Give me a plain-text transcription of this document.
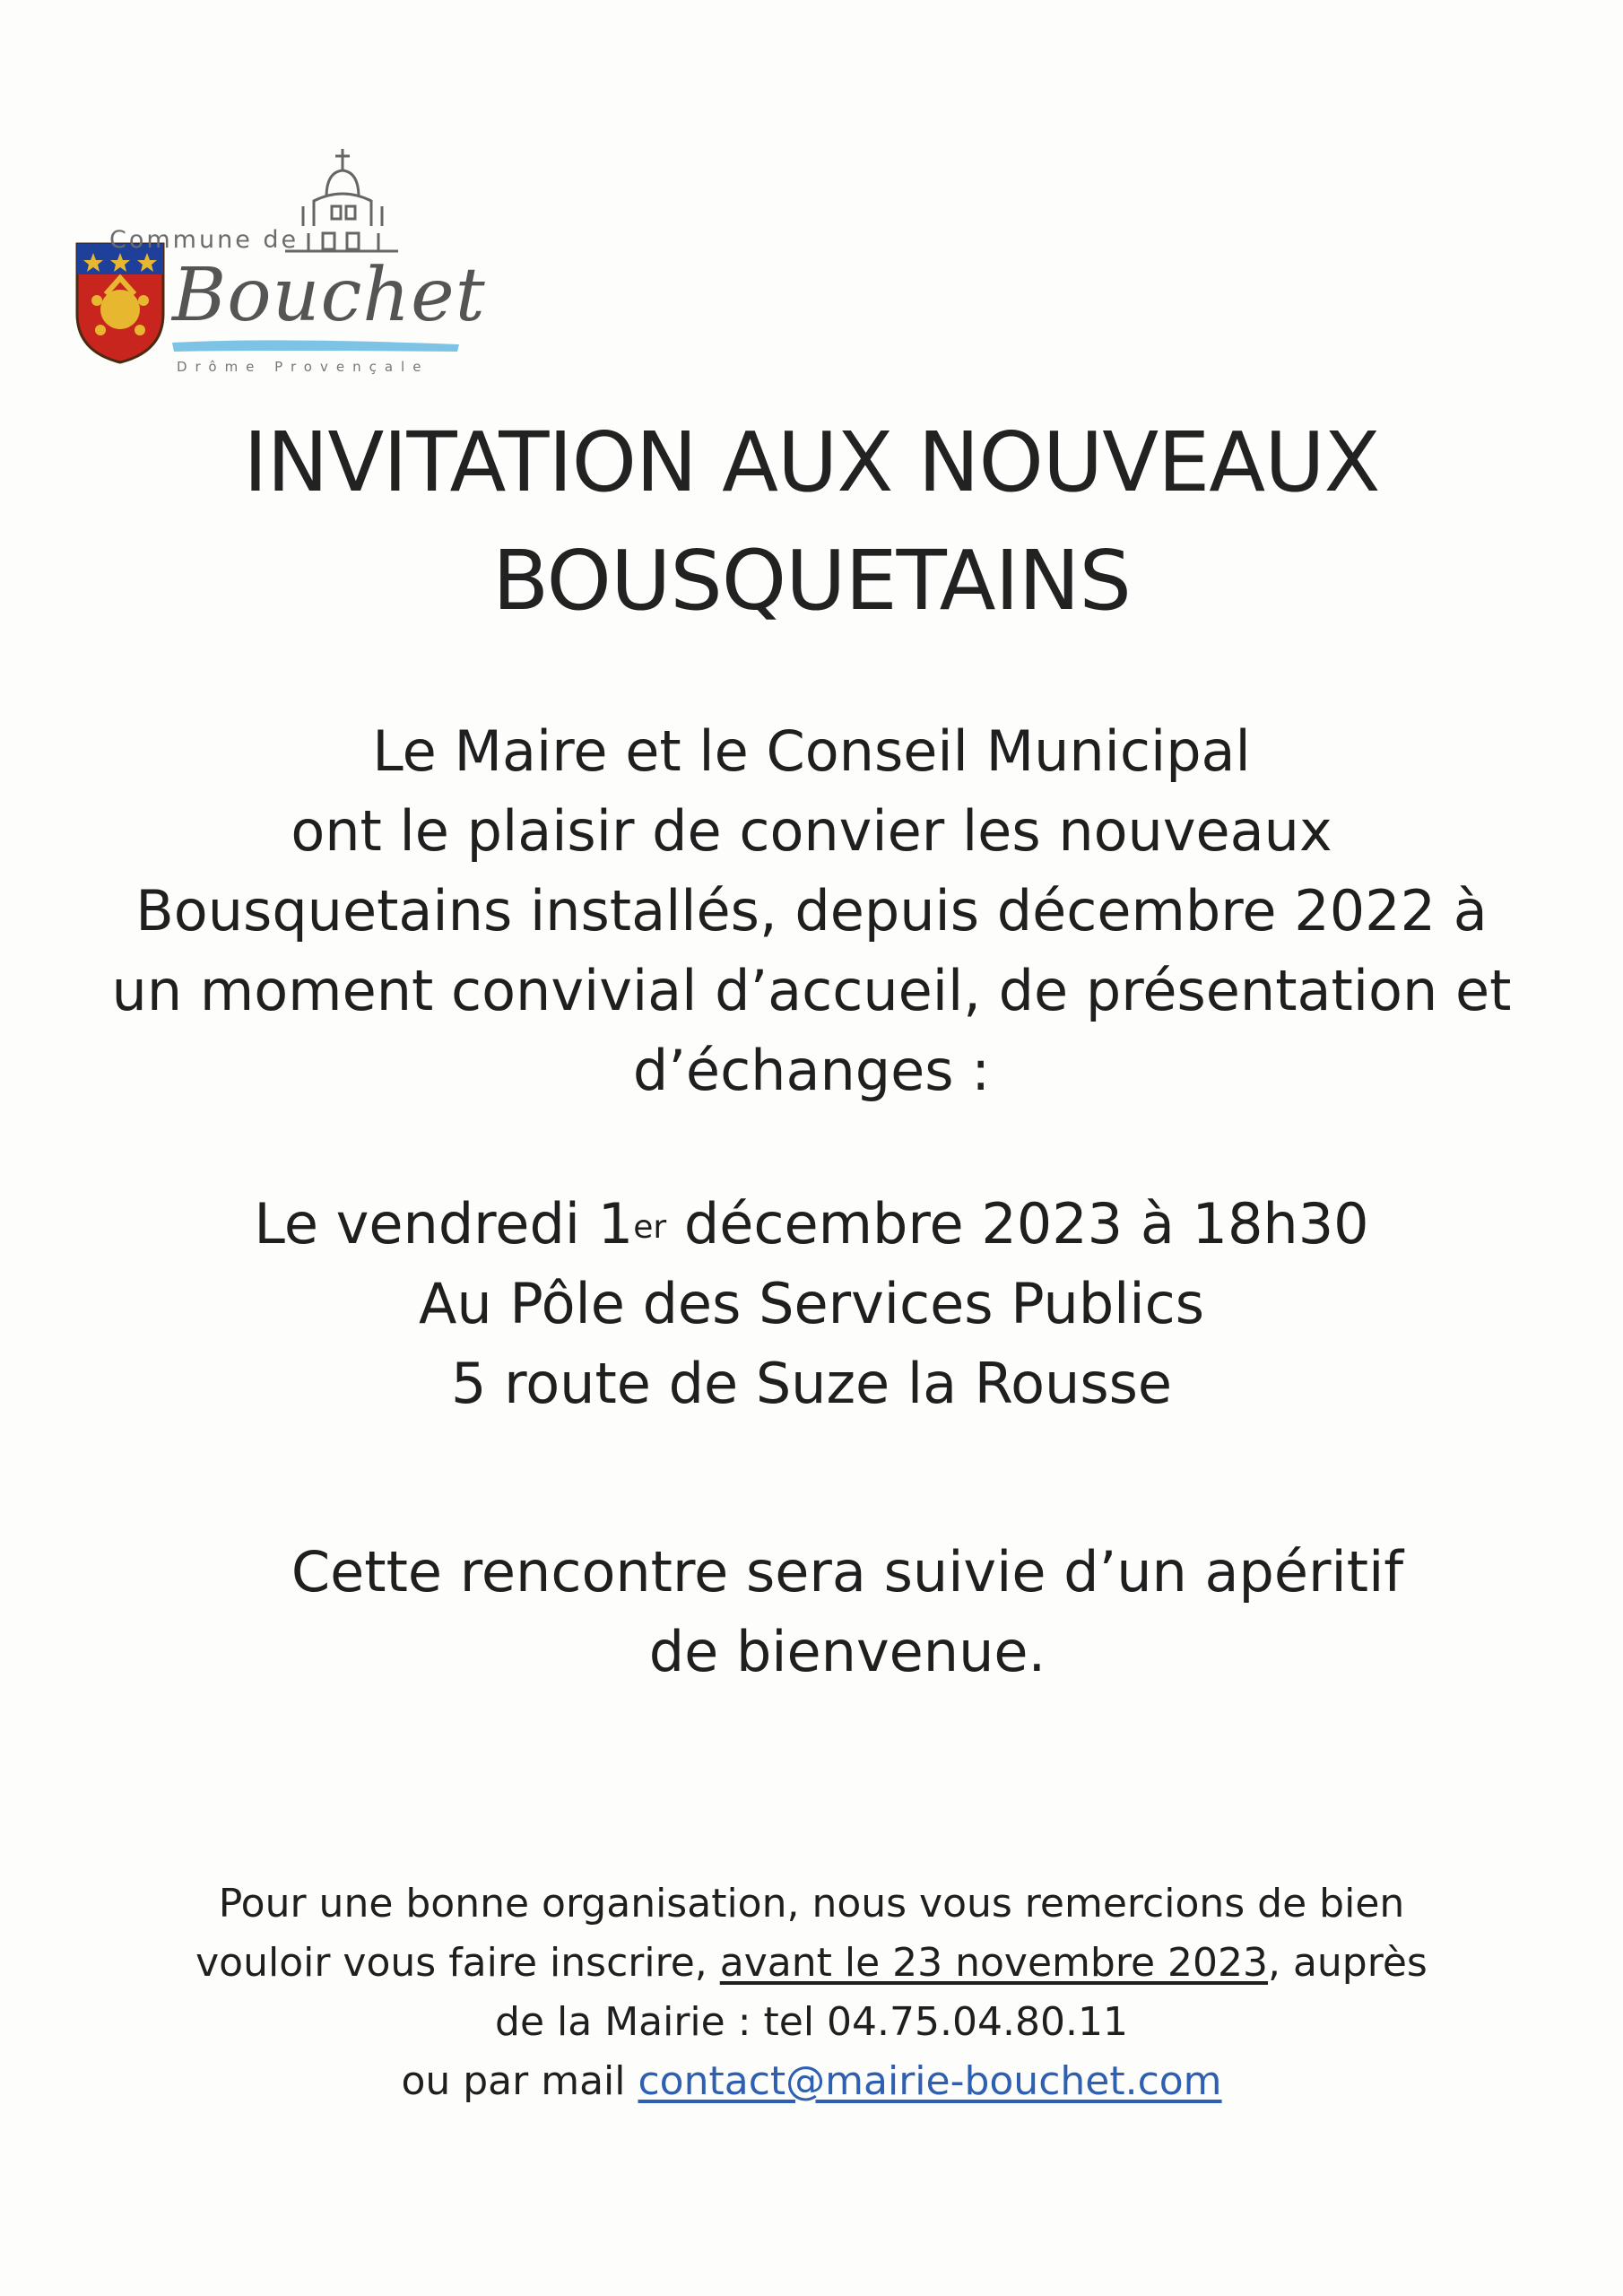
Commune de
Bouchet
Drôme Provençale
INVITATION AUX NOUVEAUX
BOUSQUETAINS
Le Maire et le Conseil Municipal
ont le plaisir de convier les nouveaux
Bousquetains installés, depuis décembre 2022 à
un moment convivial d’accueil, de présentation et
d’échanges :
Le vendredi 1er décembre 2023 à 18h30
Au Pôle des Services Publics
5 route de Suze la Rousse
Cette rencontre sera suivie d’un apéritif de bienvenue.
Pour une bonne organisation, nous vous remercions de bien
vouloir vous faire inscrire, avant le 23 novembre 2023, auprès
de la Mairie : tel 04.75.04.80.11
ou par mail contact@mairie-bouchet.com
